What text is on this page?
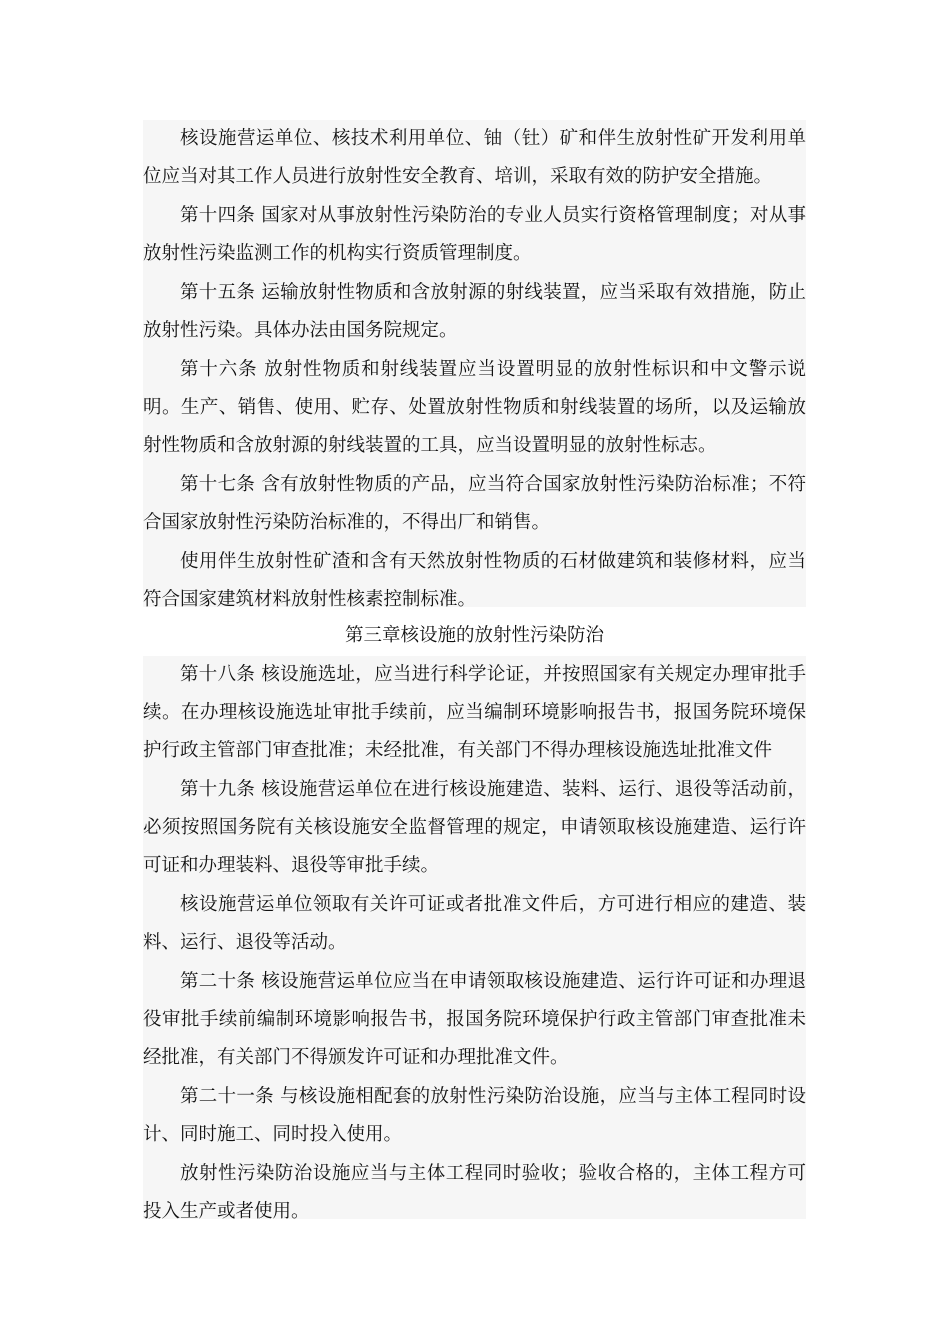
核设施营运单位、核技术利用单位、铀（钍）矿和伴生放射性矿开发利用单位应当对其工作人员进行放射性安全教育、培训，采取有效的防护安全措施。

第十四条 国家对从事放射性污染防治的专业人员实行资格管理制度；对从事放射性污染监测工作的机构实行资质管理制度。

第十五条 运输放射性物质和含放射源的射线装置，应当采取有效措施，防止放射性污染。具体办法由国务院规定。

第十六条 放射性物质和射线装置应当设置明显的放射性标识和中文警示说明。生产、销售、使用、贮存、处置放射性物质和射线装置的场所，以及运输放射性物质和含放射源的射线装置的工具，应当设置明显的放射性标志。

第十七条 含有放射性物质的产品，应当符合国家放射性污染防治标准；不符合国家放射性污染防治标准的，不得出厂和销售。

使用伴生放射性矿渣和含有天然放射性物质的石材做建筑和装修材料，应当符合国家建筑材料放射性核素控制标准。

第三章核设施的放射性污染防治

第十八条 核设施选址，应当进行科学论证，并按照国家有关规定办理审批手续。在办理核设施选址审批手续前，应当编制环境影响报告书，报国务院环境保护行政主管部门审查批准；未经批准，有关部门不得办理核设施选址批准文件

第十九条 核设施营运单位在进行核设施建造、装料、运行、退役等活动前，必须按照国务院有关核设施安全监督管理的规定，申请领取核设施建造、运行许可证和办理装料、退役等审批手续。

核设施营运单位领取有关许可证或者批准文件后，方可进行相应的建造、装料、运行、退役等活动。

第二十条 核设施营运单位应当在申请领取核设施建造、运行许可证和办理退役审批手续前编制环境影响报告书，报国务院环境保护行政主管部门审查批准未经批准，有关部门不得颁发许可证和办理批准文件。

第二十一条 与核设施相配套的放射性污染防治设施，应当与主体工程同时设计、同时施工、同时投入使用。

放射性污染防治设施应当与主体工程同时验收；验收合格的，主体工程方可投入生产或者使用。
